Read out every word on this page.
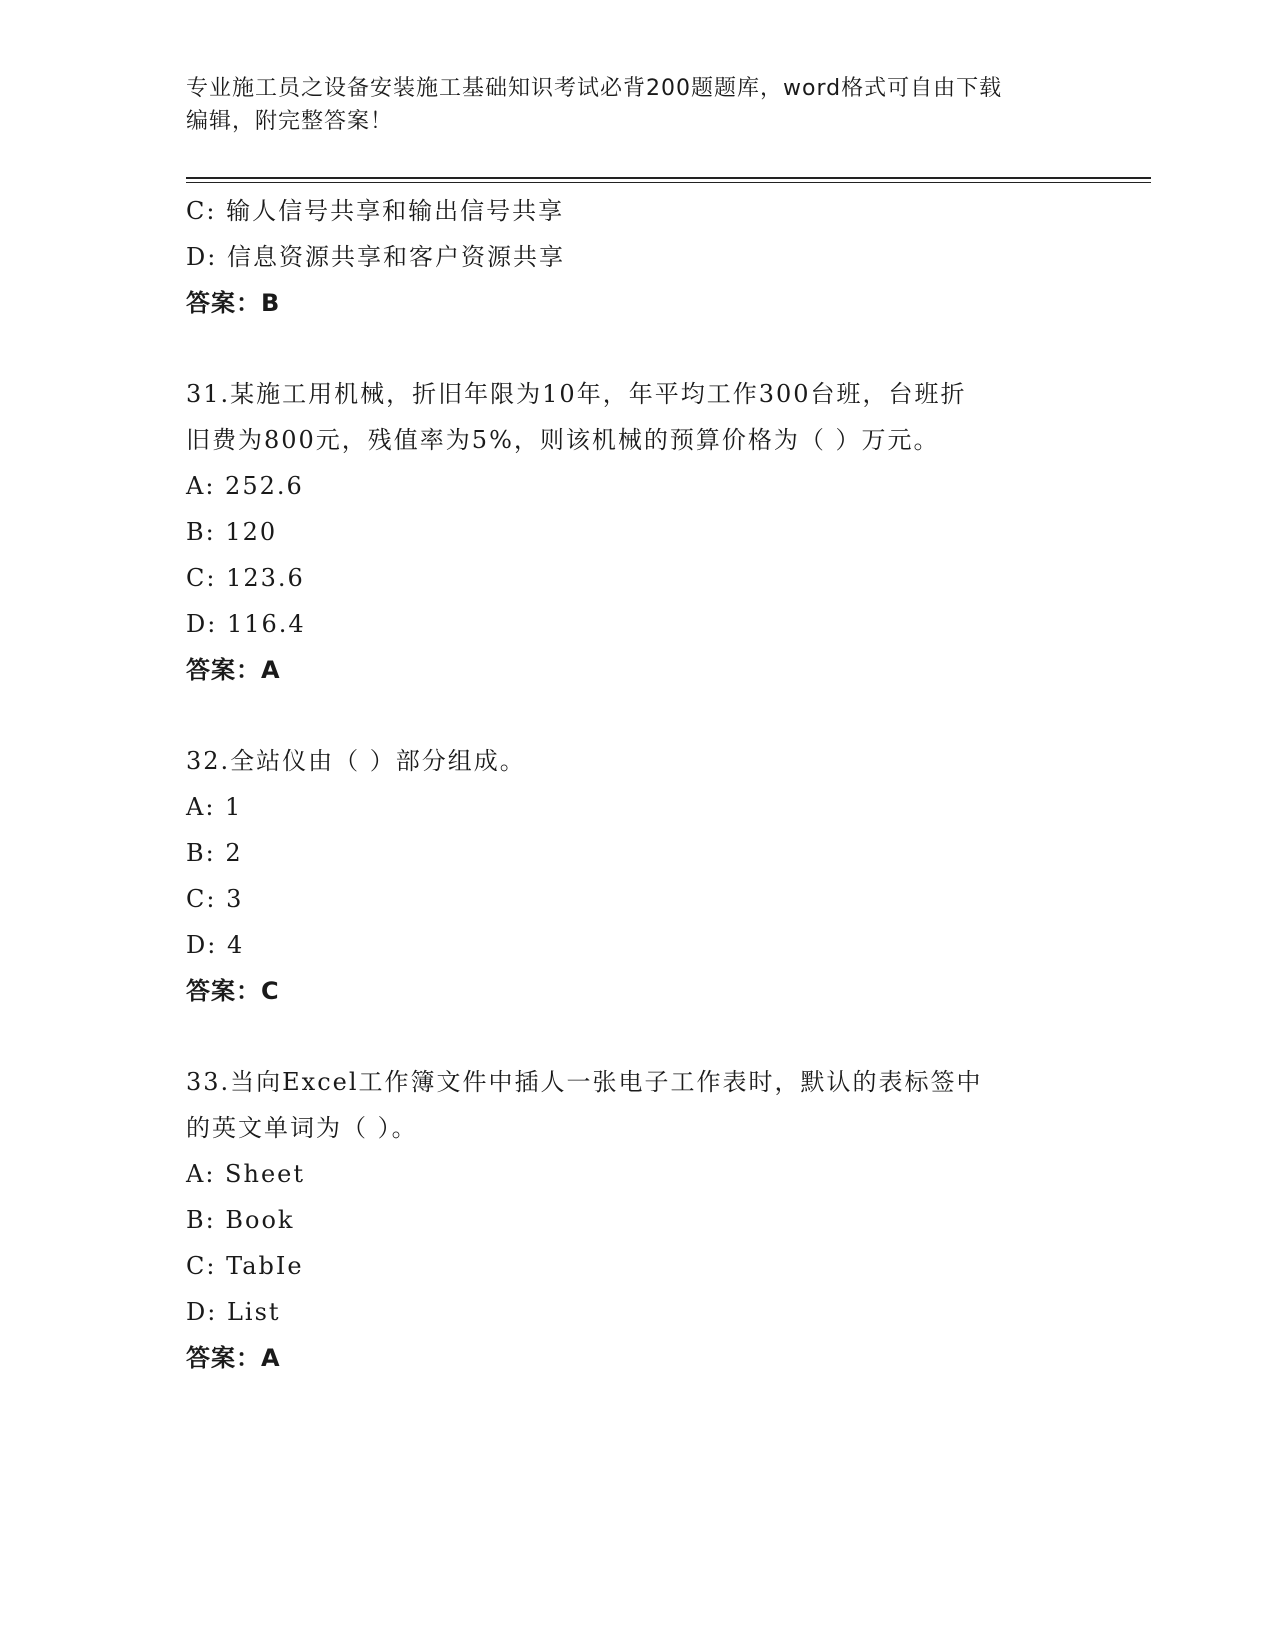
专业施工员之设备安装施工基础知识考试必背200题题库，word格式可自由下载
编辑，附完整答案！
C: 输人信号共享和输出信号共享
D: 信息资源共享和客户资源共享
答案：B
31.某施工用机械，折旧年限为10年，年平均工作300台班，台班折
旧费为800元，残值率为5%，则该机械的预算价格为（ ）万元。
A: 252.6
B: 120
C: 123.6
D: 116.4
答案：A
32.全站仪由（ ）部分组成。
A: 1
B: 2
C: 3
D: 4
答案：C
33.当向Excel工作簿文件中插人一张电子工作表时，默认的表标签中
的英文单词为（ ）。
A: Sheet
B: Book
C: TabIe
D: List
答案：A
